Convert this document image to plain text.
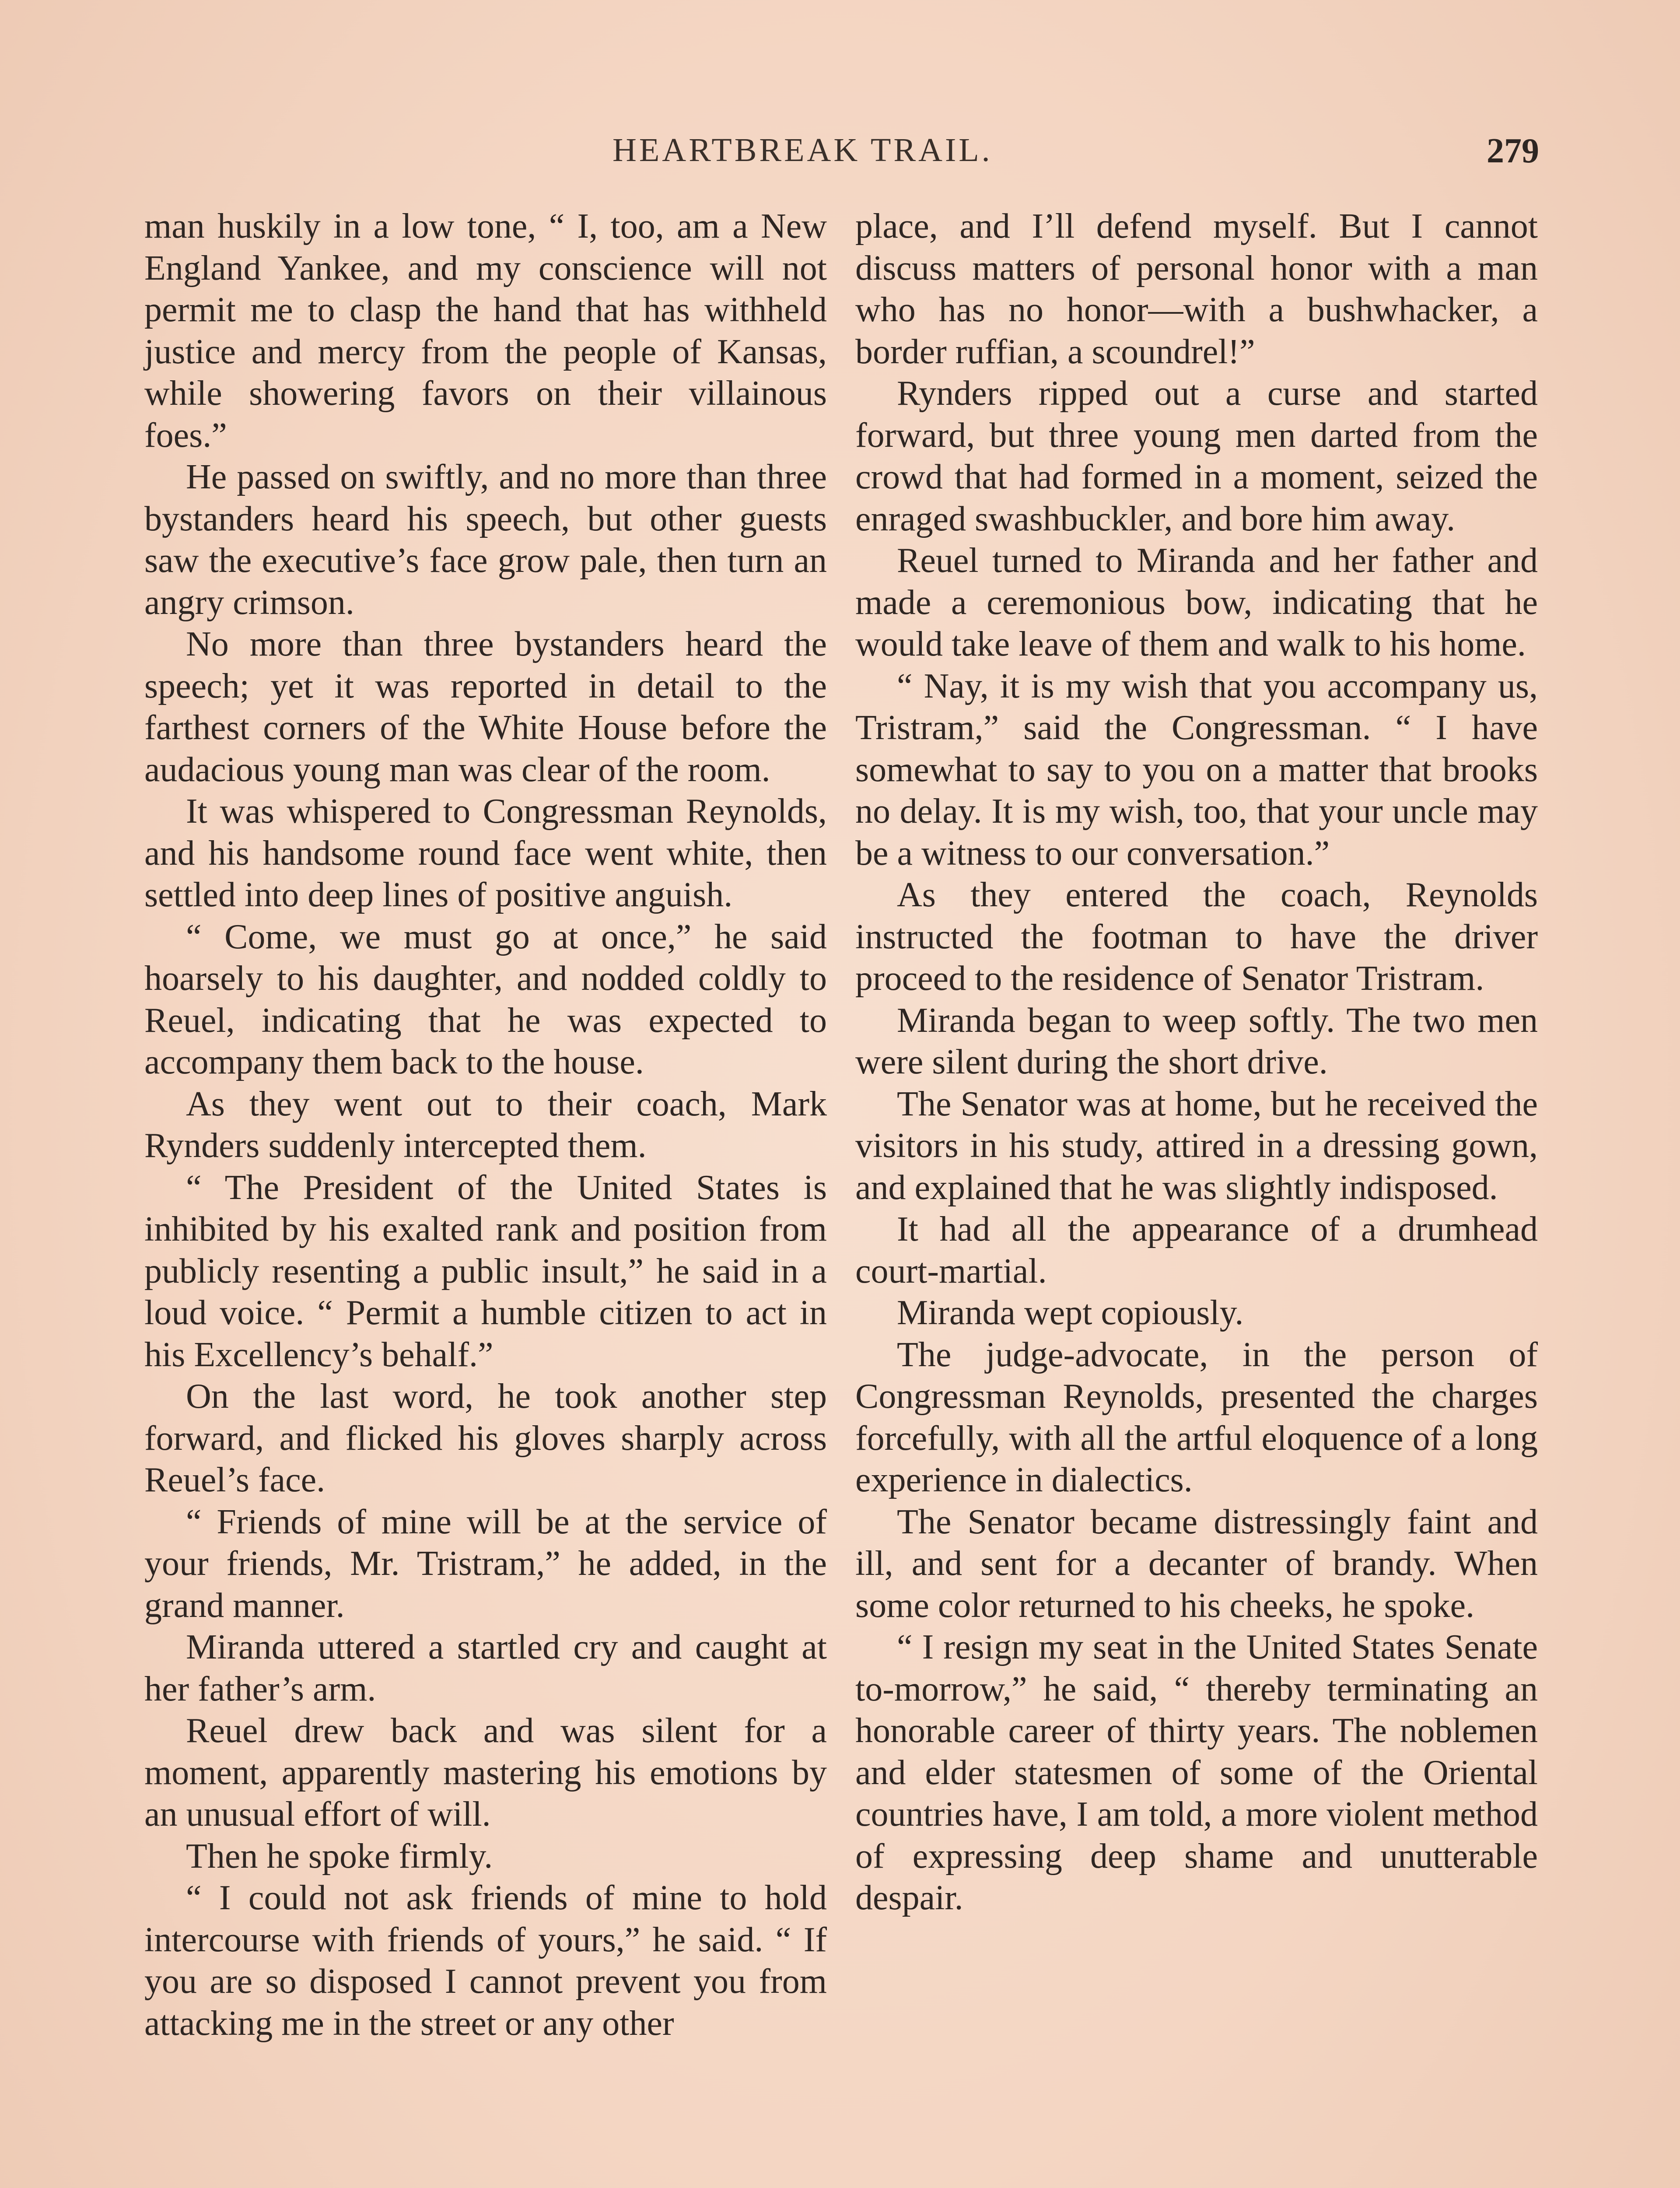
HEARTBREAK TRAIL.	279

man huskily in a low tone, “ I, too, am a New England Yankee, and my conscience will not permit me to clasp the hand that has withheld justice and mercy from the people of Kansas, while showering favors on their villainous foes.”

He passed on swiftly, and no more than three bystanders heard his speech, but other guests saw the executive’s face grow pale, then turn an angry crimson.

No more than three bystanders heard the speech; yet it was reported in detail to the farthest corners of the White House before the audacious young man was clear of the room.

It was whispered to Congressman Reynolds, and his handsome round face went white, then settled into deep lines of positive anguish.

“ Come, we must go at once,” he said hoarsely to his daughter, and nodded coldly to Reuel, indicating that he was expected to accompany them back to the house.

As they went out to their coach, Mark Rynders suddenly intercepted them.

“ The President of the United States is inhibited by his exalted rank and position from publicly resenting a public insult,” he said in a loud voice. “ Permit a humble citizen to act in his Excellency’s behalf.”

On the last word, he took another step forward, and flicked his gloves sharply across Reuel’s face.

“ Friends of mine will be at the service of your friends, Mr. Tristram,” he added, in the grand manner.

Miranda uttered a startled cry and caught at her father’s arm.

Reuel drew back and was silent for a moment, apparently mastering his emotions by an unusual effort of will.

Then he spoke firmly.

“ I could not ask friends of mine to hold intercourse with friends of yours,” he said. “ If you are so disposed I cannot prevent you from attacking me in the street or any other

place, and I’ll defend myself. But I cannot discuss matters of personal honor with a man who has no honor—with a bushwhacker, a border ruffian, a scoundrel!”

Rynders ripped out a curse and started forward, but three young men darted from the crowd that had formed in a moment, seized the enraged swashbuckler, and bore him away.

Reuel turned to Miranda and her father and made a ceremonious bow, indicating that he would take leave of them and walk to his home.

“ Nay, it is my wish that you accompany us, Tristram,” said the Congressman. “ I have somewhat to say to you on a matter that brooks no delay. It is my wish, too, that your uncle may be a witness to our conversation.”

As they entered the coach, Reynolds instructed the footman to have the driver proceed to the residence of Senator Tristram.

Miranda began to weep softly. The two men were silent during the short drive.

The Senator was at home, but he received the visitors in his study, attired in a dressing gown, and explained that he was slightly indisposed.

It had all the appearance of a drumhead court-martial.

Miranda wept copiously.

The judge-advocate, in the person of Congressman Reynolds, presented the charges forcefully, with all the artful eloquence of a long experience in dialectics.

The Senator became distressingly faint and ill, and sent for a decanter of brandy. When some color returned to his cheeks, he spoke.

“ I resign my seat in the United States Senate to-morrow,” he said, “ thereby terminating an honorable career of thirty years. The noblemen and elder statesmen of some of the Oriental countries have, I am told, a more violent method of expressing deep shame and unutterable despair.
